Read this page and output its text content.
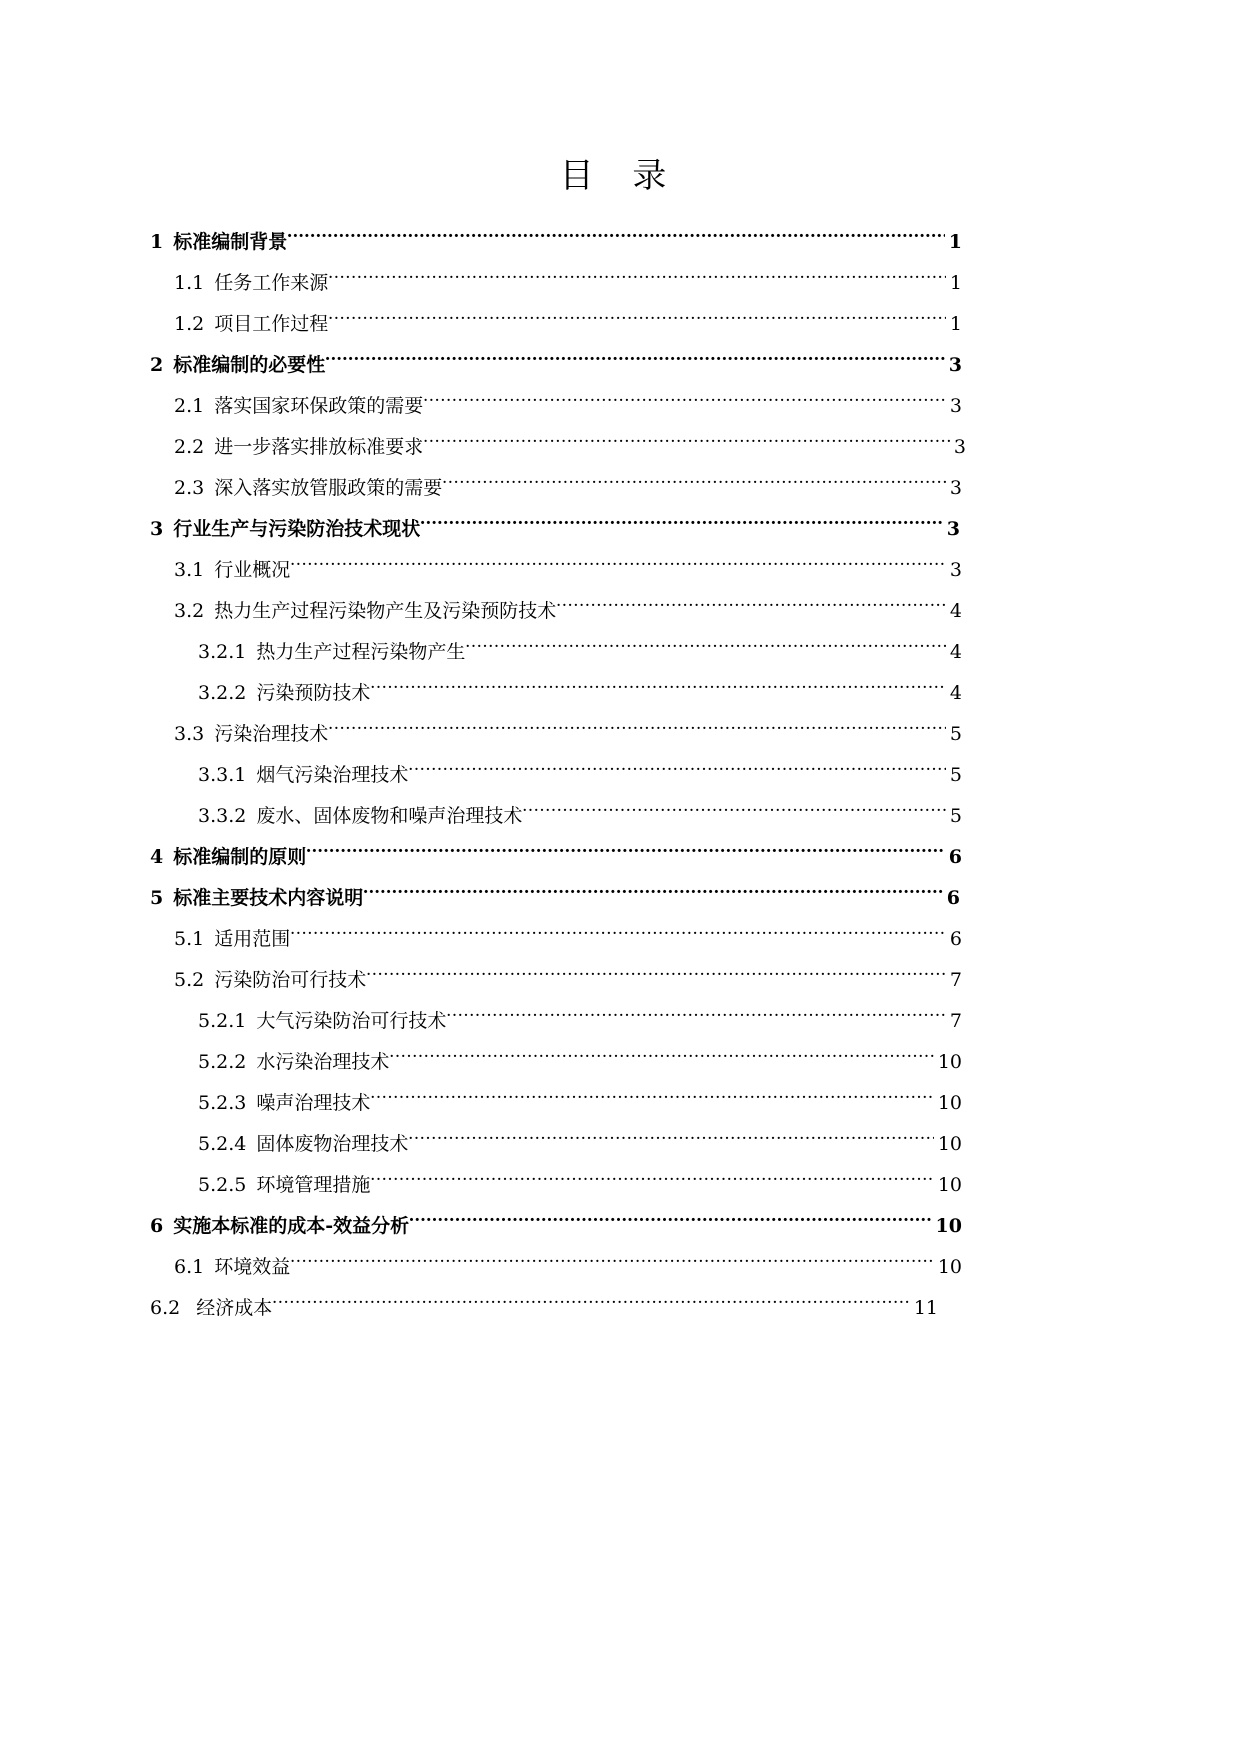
目 录
1 标准编制背景 .....	1
1.1 任务工作来源 .....	1
1.2 项目工作过程 .....	1
2 标准编制的必要性 .....	3
2.1 落实国家环保政策的需要 .....	3
2.2 进一步落实排放标准要求 .....	3
2.3 深入落实放管服政策的需要 .....	3
3 行业生产与污染防治技术现状 .....	3
3.1 行业概况 .....	3
3.2 热力生产过程污染物产生及污染预防技术 .....	4
3.2.1 热力生产过程污染物产生 .....	4
3.2.2 污染预防技术 .....	4
3.3 污染治理技术 .....	5
3.3.1 烟气污染治理技术 .....	5
3.3.2 废水、固体废物和噪声治理技术 .....	5
4 标准编制的原则 .....	6
5 标准主要技术内容说明 .....	6
5.1 适用范围 .....	6
5.2 污染防治可行技术 .....	7
5.2.1 大气污染防治可行技术 .....	7
5.2.2 水污染治理技术 .....	10
5.2.3 噪声治理技术 .....	10
5.2.4 固体废物治理技术 .....	10
5.2.5 环境管理措施 .....	10
6 实施本标准的成本-效益分析 .....	10
6.1 环境效益 .....	10
6.2 经济成本 .....	11
